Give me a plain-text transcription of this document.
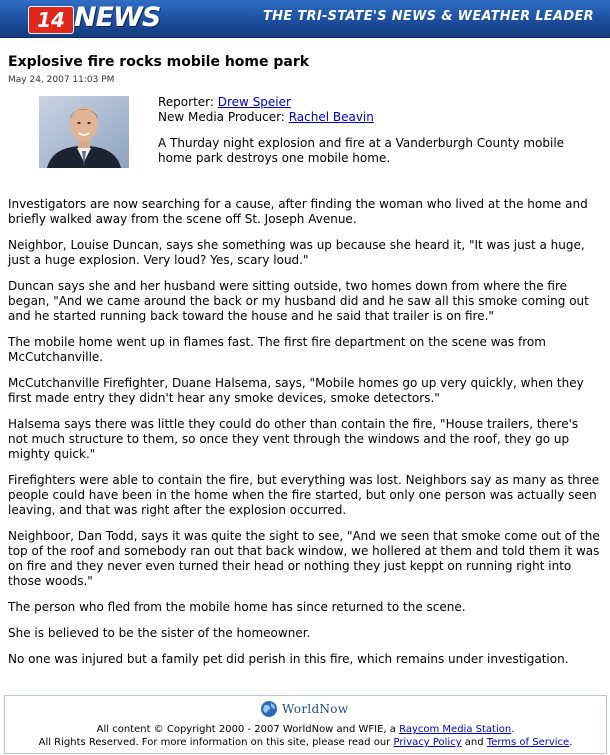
14 NEWS	THE TRI-STATE'S NEWS & WEATHER LEADER
Explosive fire rocks mobile home park
May 24, 2007 11:03 PM

Reporter: Drew Speier

New Media Producer: Rachel Beavin

A Thurday night explosion and fire at a Vanderburgh County mobile home park destroys one mobile home.

Investigators are now searching for a cause, after finding the woman who lived at the home and briefly walked away from the scene off St. Joseph Avenue.

Neighbor, Louise Duncan, says she something was up because she heard it, "It was just a huge, just a huge explosion. Very loud? Yes, scary loud."

Duncan says she and her husband were sitting outside, two homes down from where the fire began, "And we came around the back or my husband did and he saw all this smoke coming out and he started running back toward the house and he said that trailer is on fire."

The mobile home went up in flames fast. The first fire department on the scene was from McCutchanville.

McCutchanville Firefighter, Duane Halsema, says, "Mobile homes go up very quickly, when they first made entry they didn't hear any smoke devices, smoke detectors."

Halsema says there was little they could do other than contain the fire, "House trailers, there's not much structure to them, so once they vent through the windows and the roof, they go up mighty quick."

Firefighters were able to contain the fire, but everything was lost. Neighbors say as many as three people could have been in the home when the fire started, but only one person was actually seen leaving, and that was right after the explosion occurred.

Neighboor, Dan Todd, says it was quite the sight to see, "And we seen that smoke come out of the top of the roof and somebody ran out that back window, we hollered at them and told them it was on fire and they never even turned their head or nothing they just keppt on running right into those woods."

The person who fled from the mobile home has since returned to the scene.

She is believed to be the sister of the homeowner.

No one was injured but a family pet did perish in this fire, which remains under investigation.

WorldNow
All content © Copyright 2000 - 2007 WorldNow and WFIE, a Raycom Media Station.
All Rights Reserved. For more information on this site, please read our Privacy Policy and Terms of Service.
